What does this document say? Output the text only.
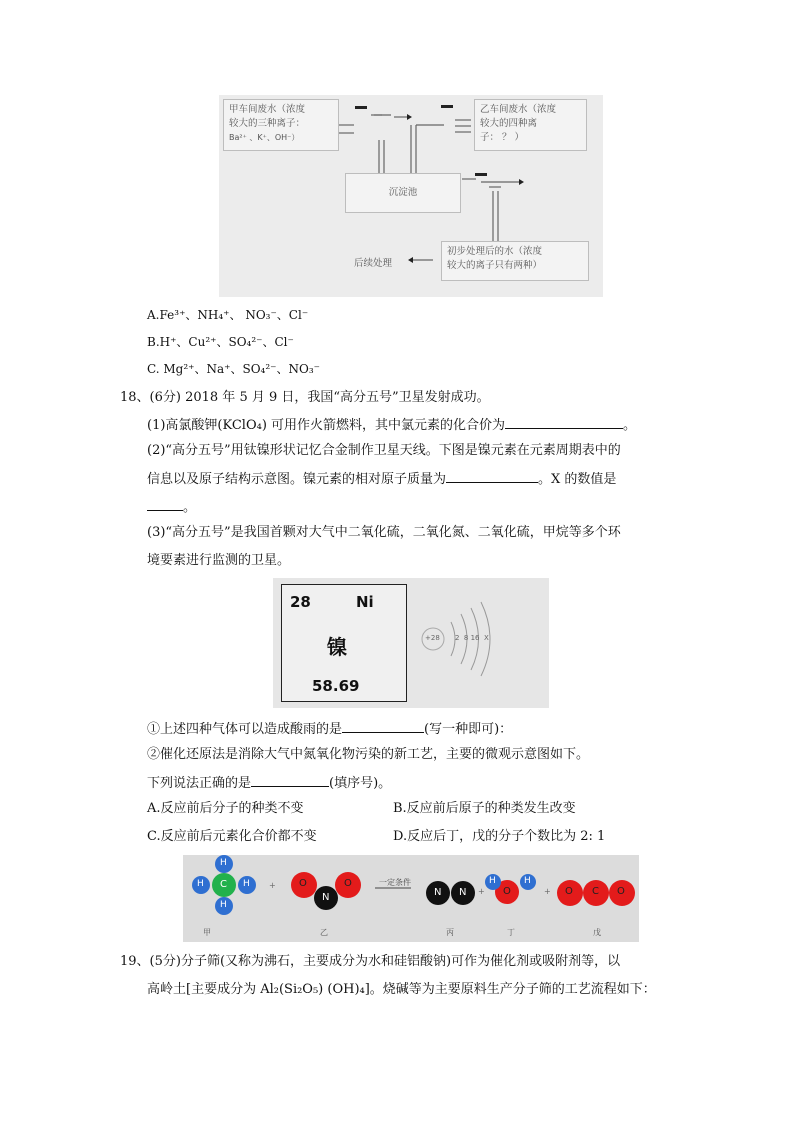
甲车间废水（浓度
较大的三种离子：
Ba²⁺ 、K⁺、OH⁻）
乙车间废水（浓度
较大的四种离
子： ？ ）
沉淀池
初步处理后的水（浓度
较大的离子只有两种）
后续处理
A.Fe³⁺、NH₄⁺、 NO₃⁻、Cl⁻
B.H⁺、Cu²⁺、SO₄²⁻、Cl⁻
C. Mg²⁺、Na⁺、SO₄²⁻、NO₃⁻
18、(6分) 2018 年 5 月 9 日，我国“高分五号”卫星发射成功。
(1)高氯酸钾(KClO₄) 可用作火箭燃料，其中氯元素的化合价为	。
(2)“高分五号”用钛镍形状记忆合金制作卫星天线。下图是镍元素在元素周期表中的
信息以及原子结构示意图。镍元素的相对原子质量为	。X 的数值是
。
(3)“高分五号”是我国首颗对大气中二氧化硫，二氧化氮、二氧化硫，甲烷等多个环
境要素进行监测的卫星。
28	Ni
镍
58.69
+28 2  8 16  X
①上述四种气体可以造成酸雨的是	(写一种即可)：
②催化还原法是消除大气中氮氧化物污染的新工艺，主要的微观示意图如下。
下列说法正确的是	(填序号)。
A.反应前后分子的种类不变	B.反应前后原子的种类发生改变
C.反应前后元素化合价都不变	D.反应后丁，戊的分子个数比为 2: 1
C
H
H	H
H
+ O
N
O	一定条件
N N + O
H	H
+ O C O
甲	乙	丙	丁	戊
19、(5分)分子筛(又称为沸石，主要成分为水和硅铝酸钠)可作为催化剂或吸附剂等，以
高岭土[主要成分为 Al₂(Si₂O₅) (OH)₄]。烧碱等为主要原料生产分子筛的工艺流程如下：
